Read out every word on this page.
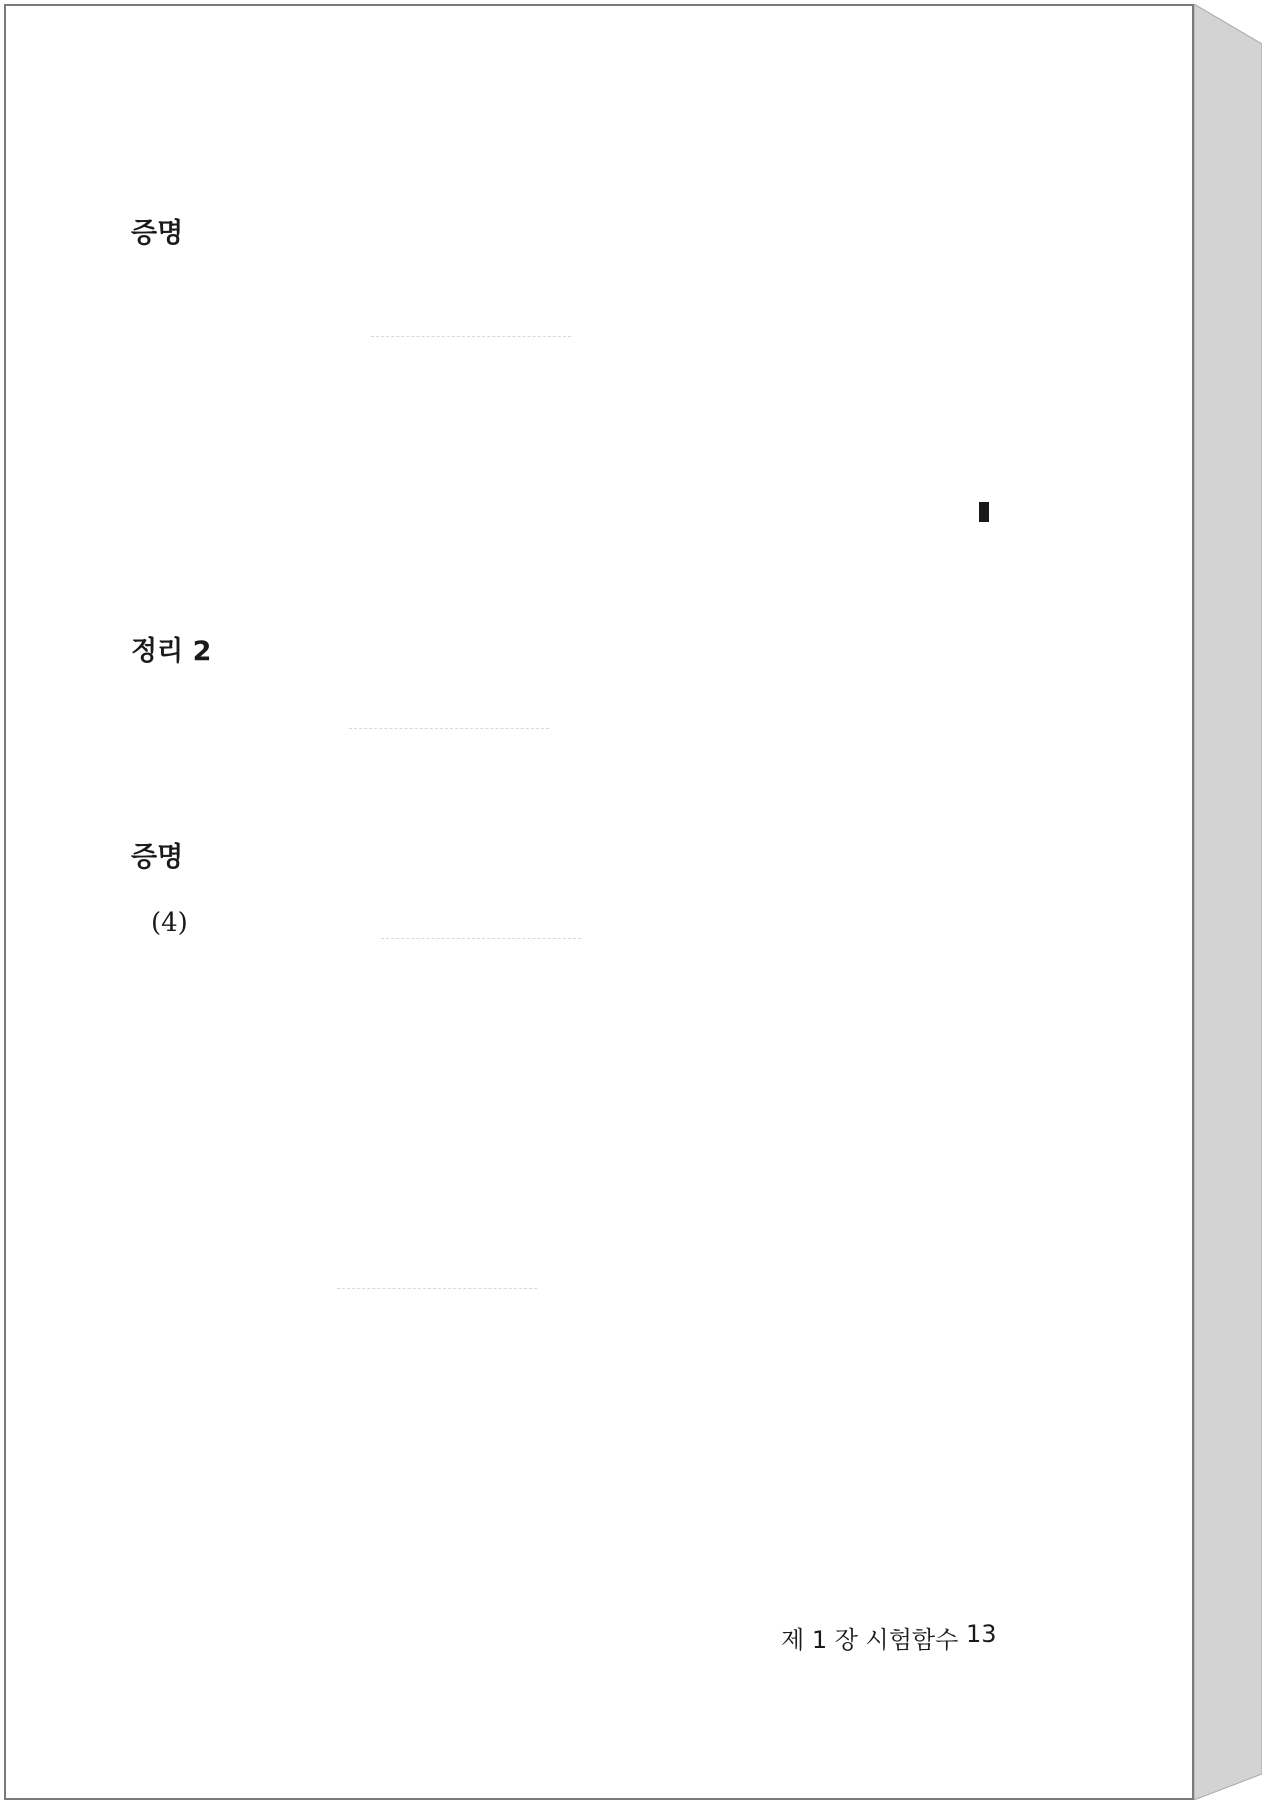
증명
정리 2
증명
(4)
제 1 장 시험함수 13
